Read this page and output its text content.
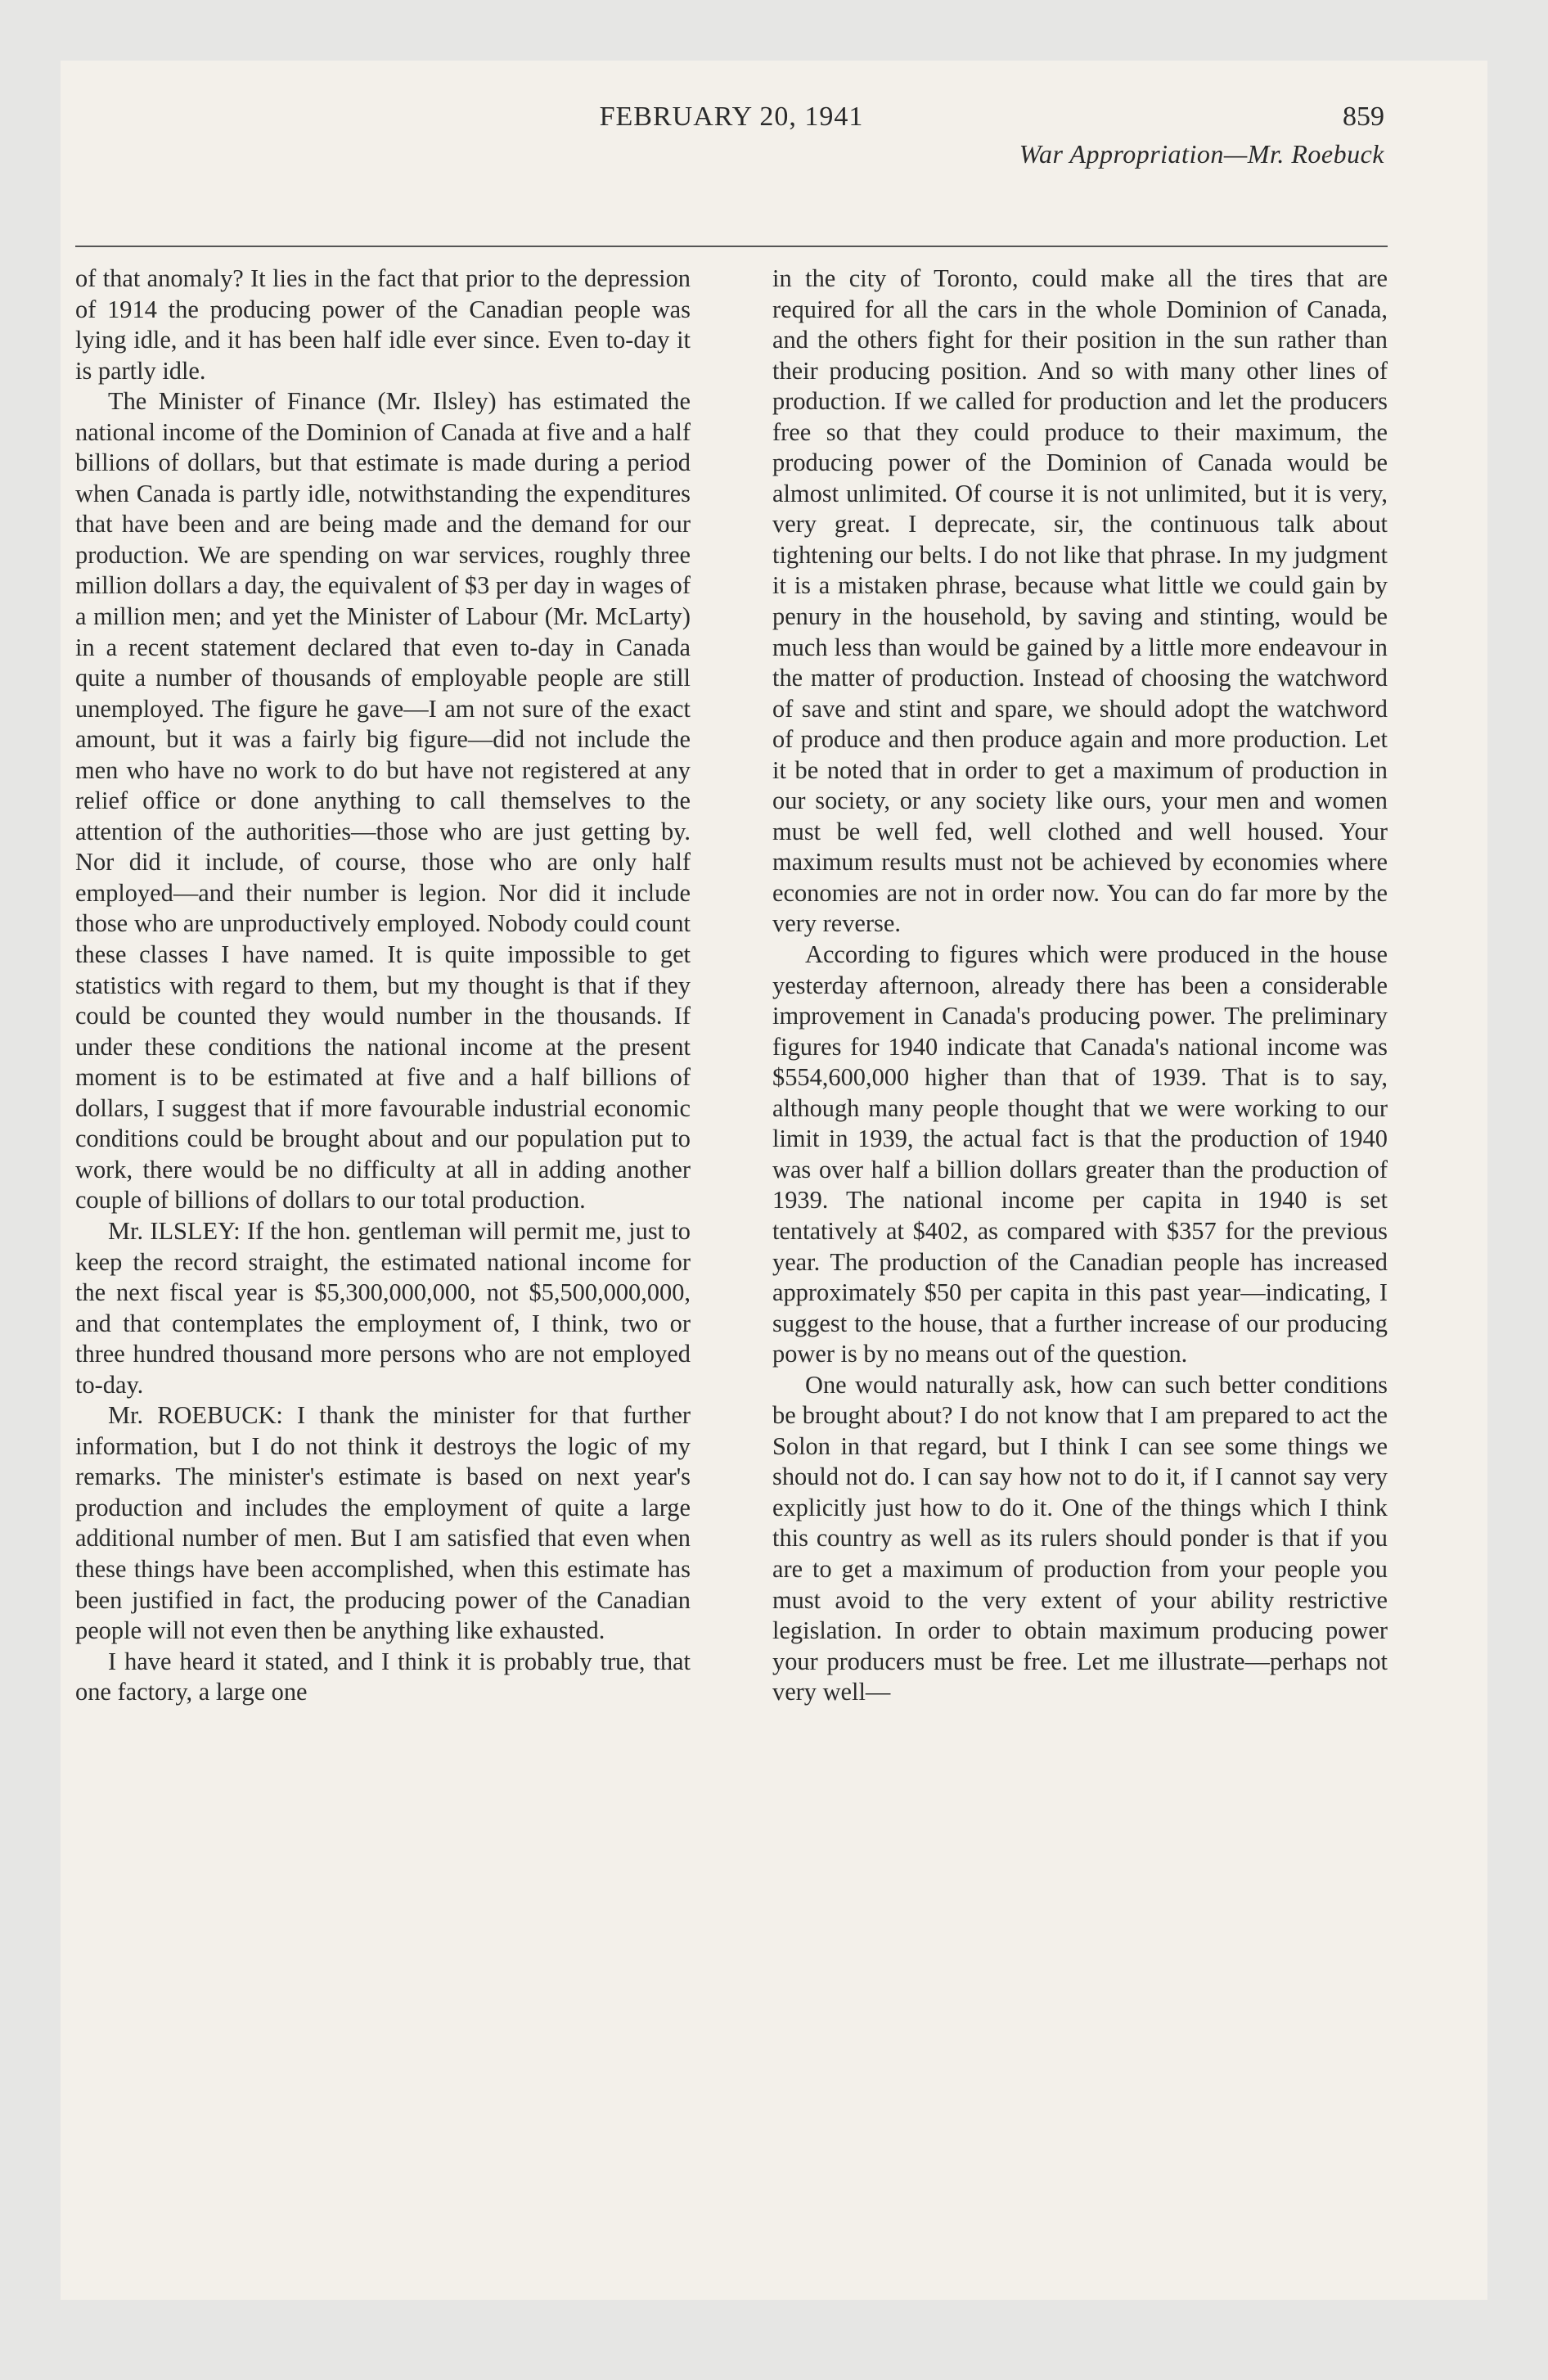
FEBRUARY 20, 1941	859
War Appropriation—Mr. Roebuck

of that anomaly? It lies in the fact that prior to the depression of 1914 the producing power of the Canadian people was lying idle, and it has been half idle ever since. Even to-day it is partly idle.

The Minister of Finance (Mr. Ilsley) has estimated the national income of the Dominion of Canada at five and a half billions of dollars, but that estimate is made during a period when Canada is partly idle, notwithstanding the expenditures that have been and are being made and the demand for our production. We are spending on war services, roughly three million dollars a day, the equivalent of $3 per day in wages of a million men; and yet the Minister of Labour (Mr. McLarty) in a recent statement declared that even to-day in Canada quite a number of thousands of employable people are still unemployed. The figure he gave—I am not sure of the exact amount, but it was a fairly big figure—did not include the men who have no work to do but have not registered at any relief office or done anything to call themselves to the attention of the authorities—those who are just getting by. Nor did it include, of course, those who are only half employed—and their number is legion. Nor did it include those who are unproductively employed. Nobody could count these classes I have named. It is quite impossible to get statistics with regard to them, but my thought is that if they could be counted they would number in the thousands. If under these conditions the national income at the present moment is to be estimated at five and a half billions of dollars, I suggest that if more favourable industrial economic conditions could be brought about and our population put to work, there would be no difficulty at all in adding another couple of billions of dollars to our total production.

Mr. ILSLEY: If the hon. gentleman will permit me, just to keep the record straight, the estimated national income for the next fiscal year is $5,300,000,000, not $5,500,000,000, and that contemplates the employment of, I think, two or three hundred thousand more persons who are not employed to-day.

Mr. ROEBUCK: I thank the minister for that further information, but I do not think it destroys the logic of my remarks. The minister's estimate is based on next year's production and includes the employment of quite a large additional number of men. But I am satisfied that even when these things have been accomplished, when this estimate has been justified in fact, the producing power of the Canadian people will not even then be anything like exhausted.

I have heard it stated, and I think it is probably true, that one factory, a large one

in the city of Toronto, could make all the tires that are required for all the cars in the whole Dominion of Canada, and the others fight for their position in the sun rather than their producing position. And so with many other lines of production. If we called for production and let the producers free so that they could produce to their maximum, the producing power of the Dominion of Canada would be almost unlimited. Of course it is not unlimited, but it is very, very great. I deprecate, sir, the continuous talk about tightening our belts. I do not like that phrase. In my judgment it is a mistaken phrase, because what little we could gain by penury in the household, by saving and stinting, would be much less than would be gained by a little more endeavour in the matter of production. Instead of choosing the watchword of save and stint and spare, we should adopt the watchword of produce and then produce again and more production. Let it be noted that in order to get a maximum of production in our society, or any society like ours, your men and women must be well fed, well clothed and well housed. Your maximum results must not be achieved by economies where economies are not in order now. You can do far more by the very reverse.

According to figures which were produced in the house yesterday afternoon, already there has been a considerable improvement in Canada's producing power. The preliminary figures for 1940 indicate that Canada's national income was $554,600,000 higher than that of 1939. That is to say, although many people thought that we were working to our limit in 1939, the actual fact is that the production of 1940 was over half a billion dollars greater than the production of 1939. The national income per capita in 1940 is set tentatively at $402, as compared with $357 for the previous year. The production of the Canadian people has increased approximately $50 per capita in this past year—indicating, I suggest to the house, that a further increase of our producing power is by no means out of the question.

One would naturally ask, how can such better conditions be brought about? I do not know that I am prepared to act the Solon in that regard, but I think I can see some things we should not do. I can say how not to do it, if I cannot say very explicitly just how to do it. One of the things which I think this country as well as its rulers should ponder is that if you are to get a maximum of production from your people you must avoid to the very extent of your ability restrictive legislation. In order to obtain maximum producing power your producers must be free. Let me illustrate—perhaps not very well—
